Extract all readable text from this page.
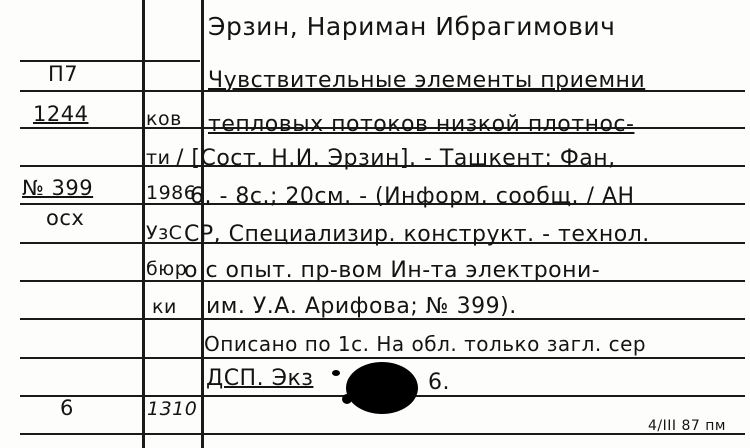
П7
1244
№ 399
осх
6
ков
ти
1986
УзС
бюр
ки
1310
Эрзин, Нариман Ибрагимович
Чувствительные элементы приемни
тепловых потоков низкой плотнос-
/ [Сост. Н.И. Эрзин]. - Ташкент: Фан,
6. - 8с.; 20см. - (Информ. сообщ. / АН
СР, Специализир. конструкт. - технол.
о с опыт. пр-вом Ин-та электрони-
им. У.А. Арифова; № 399).
Описано по 1с. На обл. только загл. сер
ДСП. Экз	6.
4/III 87 пм
